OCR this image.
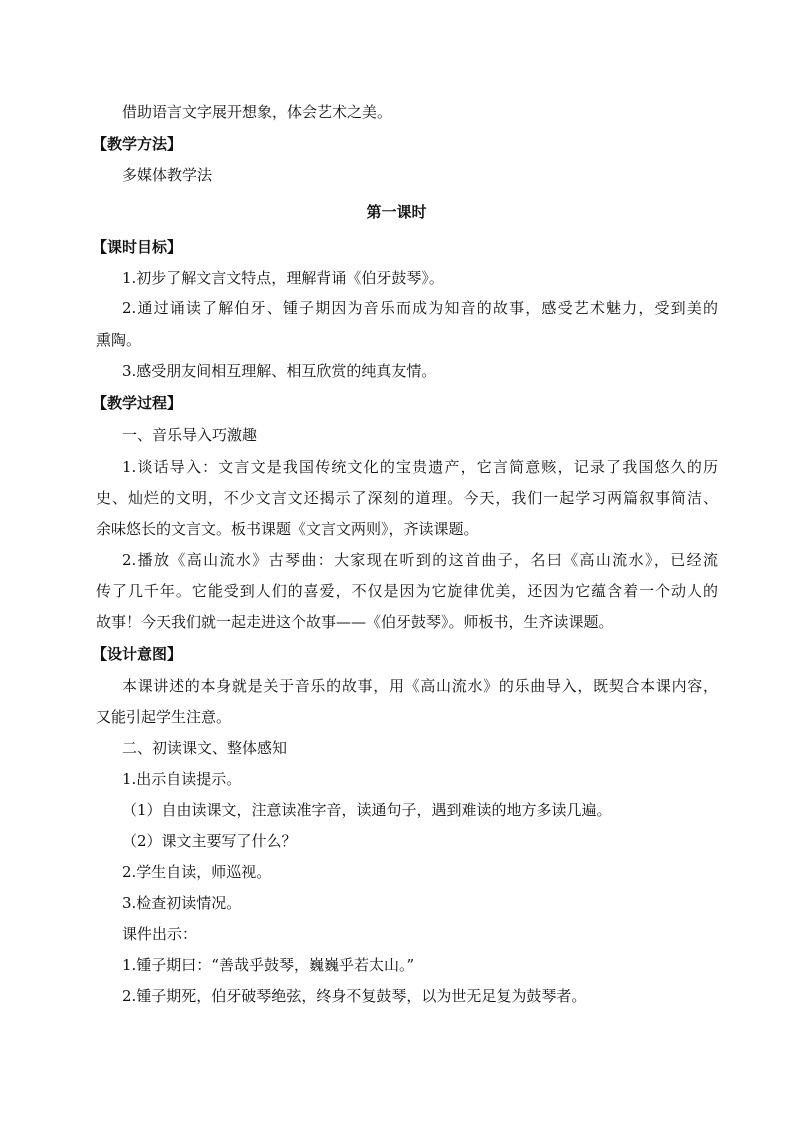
借助语言文字展开想象，体会艺术之美。
【教学方法】
多媒体教学法
第一课时
【课时目标】
1.初步了解文言文特点，理解背诵《伯牙鼓琴》。
2.通过诵读了解伯牙、锺子期因为音乐而成为知音的故事，感受艺术魅力，受到美的
熏陶。
3.感受朋友间相互理解、相互欣赏的纯真友情。
【教学过程】
一、音乐导入巧激趣
1.谈话导入：文言文是我国传统文化的宝贵遗产，它言简意赅，记录了我国悠久的历
史、灿烂的文明，不少文言文还揭示了深刻的道理。今天，我们一起学习两篇叙事简洁、
余味悠长的文言文。板书课题《文言文两则》，齐读课题。
2.播放《高山流水》古琴曲：大家现在听到的这首曲子，名曰《高山流水》，已经流
传了几千年。它能受到人们的喜爱，不仅是因为它旋律优美，还因为它蕴含着一个动人的
故事！今天我们就一起走进这个故事——《伯牙鼓琴》。师板书，生齐读课题。
【设计意图】
本课讲述的本身就是关于音乐的故事，用《高山流水》的乐曲导入，既契合本课内容，
又能引起学生注意。
二、初读课文、整体感知
1.出示自读提示。
（1）自由读课文，注意读准字音，读通句子，遇到难读的地方多读几遍。
（2）课文主要写了什么？
2.学生自读，师巡视。
3.检查初读情况。
课件出示：
1.锺子期曰：“善哉乎鼓琴，巍巍乎若太山。”
2.锺子期死，伯牙破琴绝弦，终身不复鼓琴，以为世无足复为鼓琴者。
